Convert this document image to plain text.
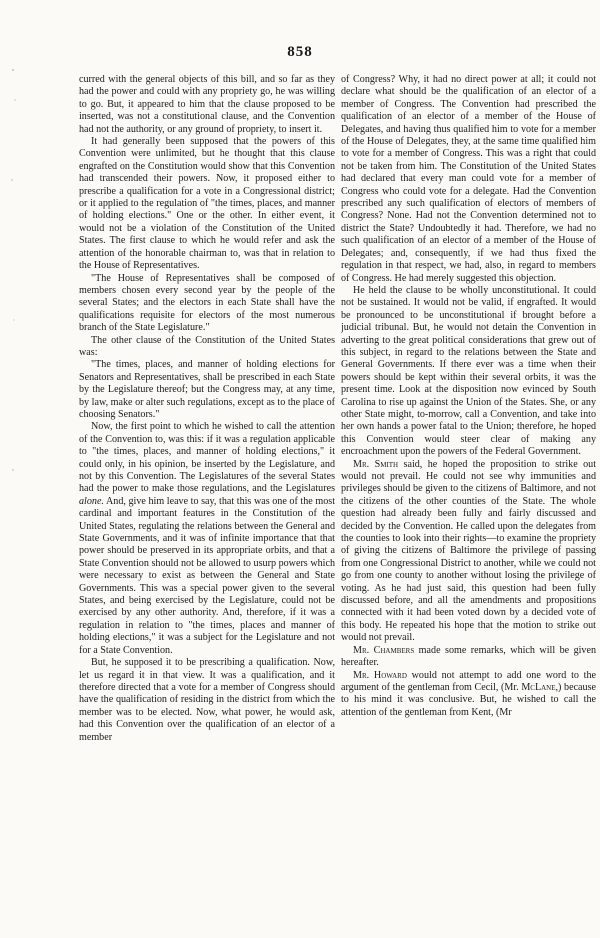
858

curred with the general objects of this bill, and so far as they had the power and could with any propriety go, he was willing to go. But, it appeared to him that the clause proposed to be inserted, was not a constitutional clause, and the Convention had not the authority, or any ground of propriety, to insert it.

It had generally been supposed that the powers of this Convention were unlimited, but he thought that this clause engrafted on the Constitution would show that this Convention had transcended their powers. Now, it proposed either to prescribe a qualification for a vote in a Congressional district; or it applied to the regulation of "the times, places, and manner of holding elections." One or the other. In either event, it would not be a violation of the Constitution of the United States. The first clause to which he would refer and ask the attention of the honorable chairman to, was that in relation to the House of Representatives.

"The House of Representatives shall be composed of members chosen every second year by the people of the several States; and the electors in each State shall have the qualifications requisite for electors of the most numerous branch of the State Legislature."

The other clause of the Constitution of the United States was:

"The times, places, and manner of holding elections for Senators and Representatives, shall be prescribed in each State by the Legislature thereof; but the Congress may, at any time, by law, make or alter such regulations, except as to the place of choosing Senators."

Now, the first point to which he wished to call the attention of the Convention to, was this: if it was a regulation applicable to "the times, places, and manner of holding elections," it could only, in his opinion, be inserted by the Legislature, and not by this Convention. The Legislatures of the several States had the power to make those regulations, and the Legislatures alone. And, give him leave to say, that this was one of the most cardinal and important features in the Constitution of the United States, regulating the relations between the General and State Governments, and it was of infinite importance that that power should be preserved in its appropriate orbits, and that a State Convention should not be allowed to usurp powers which were necessary to exist as between the General and State Governments. This was a special power given to the several States, and being exercised by the Legislature, could not be exercised by any other authority. And, therefore, if it was a regulation in relation to "the times, places and manner of holding elections," it was a subject for the Legislature and not for a State Convention.

But, he supposed it to be prescribing a qualification. Now, let us regard it in that view. It was a qualification, and it therefore directed that a vote for a member of Congress should have the qualification of residing in the district from which the member was to be elected. Now, what power, he would ask, had this Convention over the qualification of an elector of a member

of Congress? Why, it had no direct power at all; it could not declare what should be the qualification of an elector of a member of Congress. The Convention had prescribed the qualification of an elector of a member of the House of Delegates, and having thus qualified him to vote for a member of the House of Delegates, they, at the same time qualified him to vote for a member of Congress. This was a right that could not be taken from him. The Constitution of the United States had declared that every man could vote for a member of Congress who could vote for a delegate. Had the Convention prescribed any such qualification of electors of members of Congress? None. Had not the Convention determined not to district the State? Undoubtedly it had. Therefore, we had no such qualification of an elector of a member of the House of Delegates; and, consequently, if we had thus fixed the regulation in that respect, we had, also, in regard to members of Congress. He had merely suggested this objection.

He held the clause to be wholly unconstitutional. It could not be sustained. It would not be valid, if engrafted. It would be pronounced to be unconstitutional if brought before a judicial tribunal. But, he would not detain the Convention in adverting to the great political considerations that grew out of this subject, in regard to the relations between the State and General Governments. If there ever was a time when their powers should be kept within their several orbits, it was the present time. Look at the disposition now evinced by South Carolina to rise up against the Union of the States. She, or any other State might, to-morrow, call a Convention, and take into her own hands a power fatal to the Union; therefore, he hoped this Convention would steer clear of making any encroachment upon the powers of the Federal Government.

Mr. Smith said, he hoped the proposition to strike out would not prevail. He could not see why immunities and privileges should be given to the citizens of Baltimore, and not the citizens of the other counties of the State. The whole question had already been fully and fairly discussed and decided by the Convention. He called upon the delegates from the counties to look into their rights—to examine the propriety of giving the citizens of Baltimore the privilege of passing from one Congressional District to another, while we could not go from one county to another without losing the privilege of voting. As he had just said, this question had been fully discussed before, and all the amendments and propositions connected with it had been voted down by a decided vote of this body. He repeated his hope that the motion to strike out would not prevail.

Mr. Chambers made some remarks, which will be given hereafter.

Mr. Howard would not attempt to add one word to the argument of the gentleman from Cecil, (Mr. McLane,) because to his mind it was conclusive. But, he wished to call the attention of the gentleman from Kent, (Mr
